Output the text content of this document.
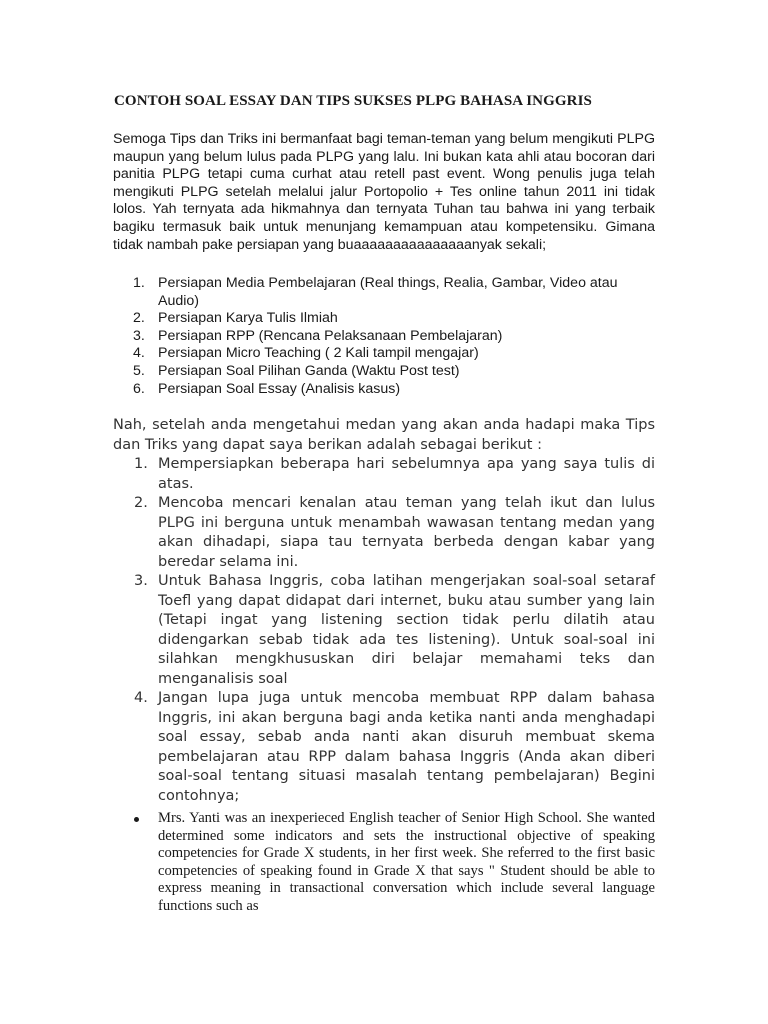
CONTOH SOAL ESSAY DAN TIPS SUKSES PLPG BAHASA INGGRIS

Semoga Tips dan Triks ini bermanfaat bagi teman-teman yang belum mengikuti PLPG maupun yang belum lulus pada PLPG yang lalu. Ini bukan kata ahli atau bocoran dari panitia PLPG tetapi cuma curhat atau retell past event. Wong penulis juga telah mengikuti PLPG setelah melalui jalur Portopolio + Tes online tahun 2011 ini tidak lolos. Yah ternyata ada hikmahnya dan ternyata Tuhan tau bahwa ini yang terbaik bagiku termasuk baik untuk menunjang kemampuan atau kompetensiku. Gimana tidak nambah pake persiapan yang buaaaaaaaaaaaaaaanyak sekali;

1. Persiapan Media Pembelajaran (Real things, Realia, Gambar, Video atau Audio)
2. Persiapan Karya Tulis Ilmiah
3. Persiapan RPP (Rencana Pelaksanaan Pembelajaran)
4. Persiapan Micro Teaching ( 2 Kali tampil mengajar)
5. Persiapan Soal Pilihan Ganda (Waktu Post test)
6. Persiapan Soal Essay (Analisis kasus)

Nah, setelah anda mengetahui medan yang akan anda hadapi maka Tips dan Triks yang dapat saya berikan adalah sebagai berikut :

1. Mempersiapkan beberapa hari sebelumnya apa yang saya tulis di atas.
2. Mencoba mencari kenalan atau teman yang telah ikut dan lulus PLPG ini berguna untuk menambah wawasan tentang medan yang akan dihadapi, siapa tau ternyata berbeda dengan kabar yang beredar selama ini.
3. Untuk Bahasa Inggris, coba latihan mengerjakan soal-soal setaraf Toefl yang dapat didapat dari internet, buku atau sumber yang lain (Tetapi ingat yang listening section tidak perlu dilatih atau didengarkan sebab tidak ada tes listening). Untuk soal-soal ini silahkan mengkhususkan diri belajar memahami teks dan menganalisis soal
4. Jangan lupa juga untuk mencoba membuat RPP dalam bahasa Inggris, ini akan berguna bagi anda ketika nanti anda menghadapi soal essay, sebab anda nanti akan disuruh membuat skema pembelajaran atau RPP dalam bahasa Inggris (Anda akan diberi soal-soal tentang situasi masalah tentang pembelajaran) Begini contohnya;
Mrs. Yanti was an inexperieced English teacher of Senior High School. She wanted determined some indicators and sets the instructional objective of speaking competencies for Grade X students, in her first week. She referred to the first basic competencies of speaking found in Grade X that says " Student should be able to express meaning in transactional conversation which include several language functions such as
